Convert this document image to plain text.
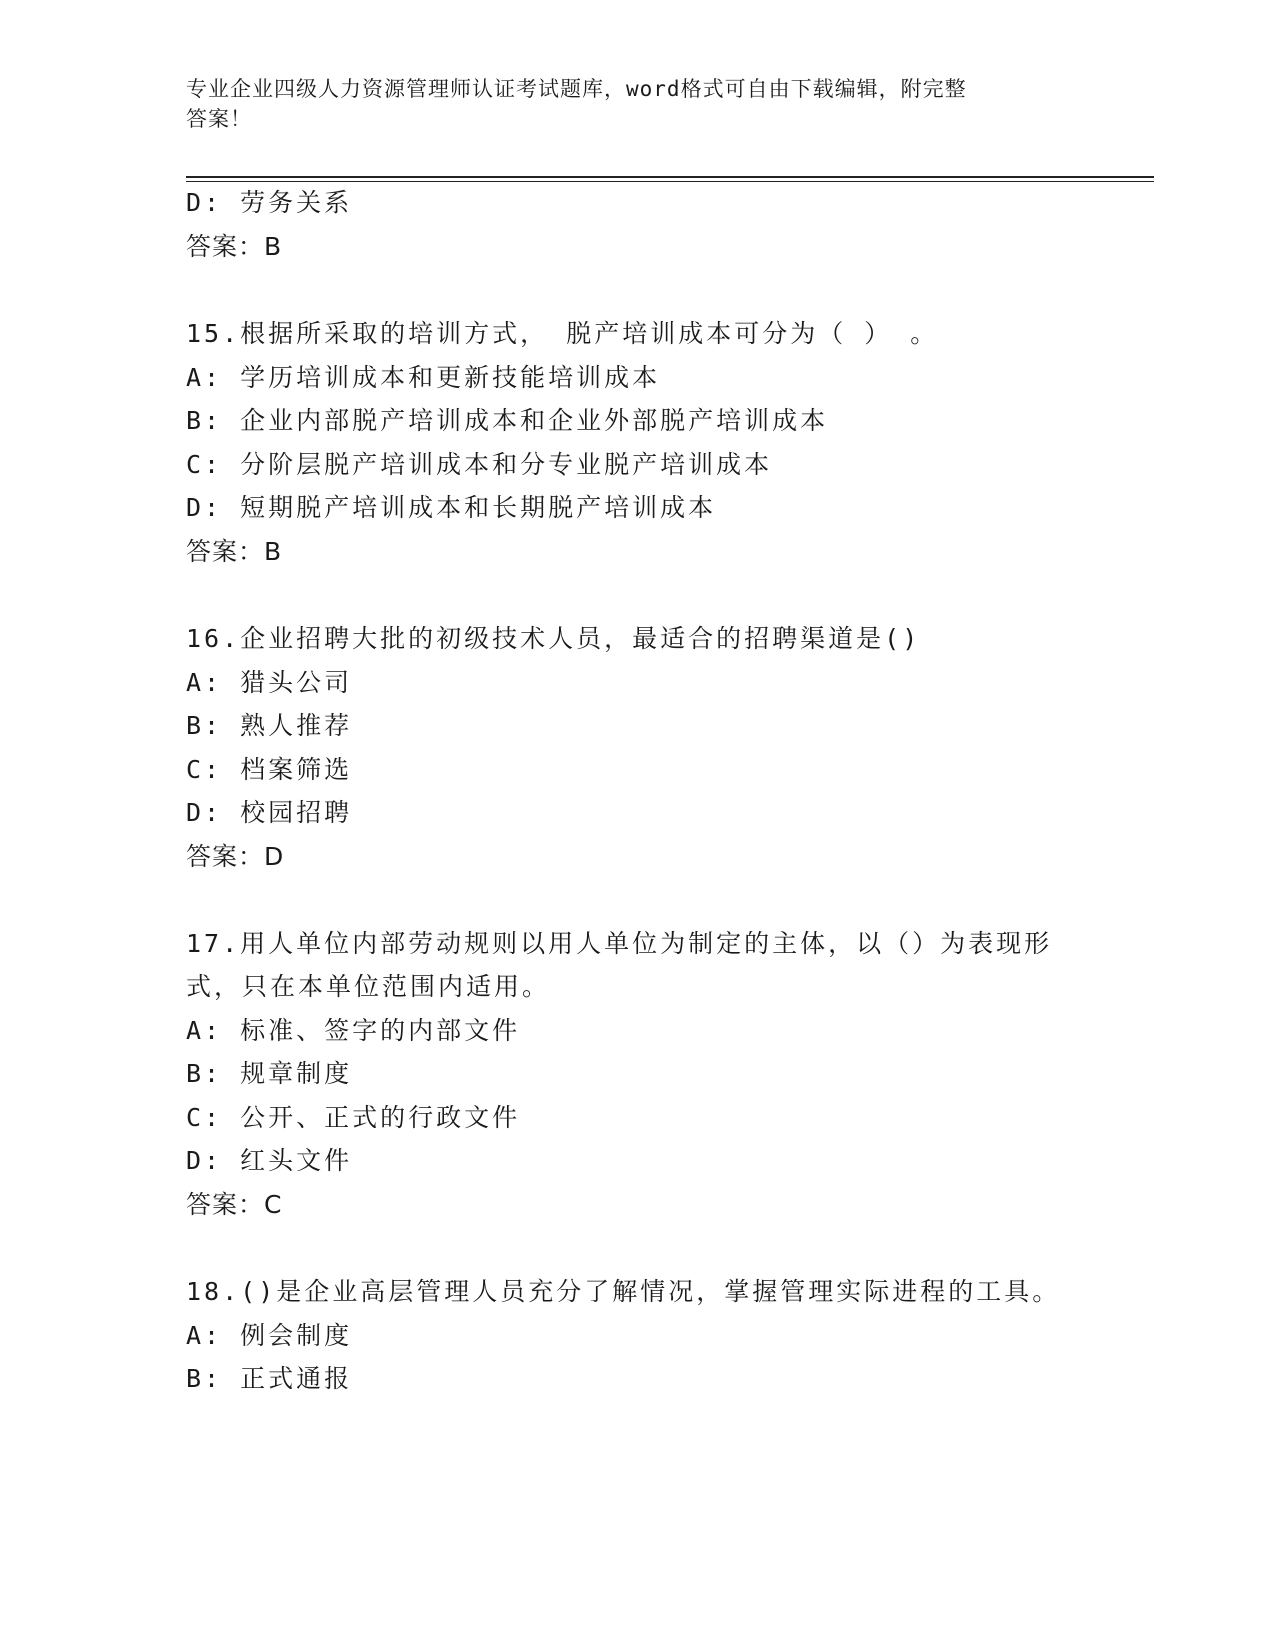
专业企业四级人力资源管理师认证考试题库，word格式可自由下载编辑，附完整
答案！
D: 劳务关系
答案：B
15.根据所采取的培训方式， 脱产培训成本可分为（ ） 。
A: 学历培训成本和更新技能培训成本
B: 企业内部脱产培训成本和企业外部脱产培训成本
C: 分阶层脱产培训成本和分专业脱产培训成本
D: 短期脱产培训成本和长期脱产培训成本
答案：B
16.企业招聘大批的初级技术人员，最适合的招聘渠道是()
A: 猎头公司
B: 熟人推荐
C: 档案筛选
D: 校园招聘
答案：D
17.用人单位内部劳动规则以用人单位为制定的主体，以（）为表现形
式，只在本单位范围内适用。
A: 标准、签字的内部文件
B: 规章制度
C: 公开、正式的行政文件
D: 红头文件
答案：C
18.()是企业高层管理人员充分了解情况，掌握管理实际进程的工具。
A: 例会制度
B: 正式通报
